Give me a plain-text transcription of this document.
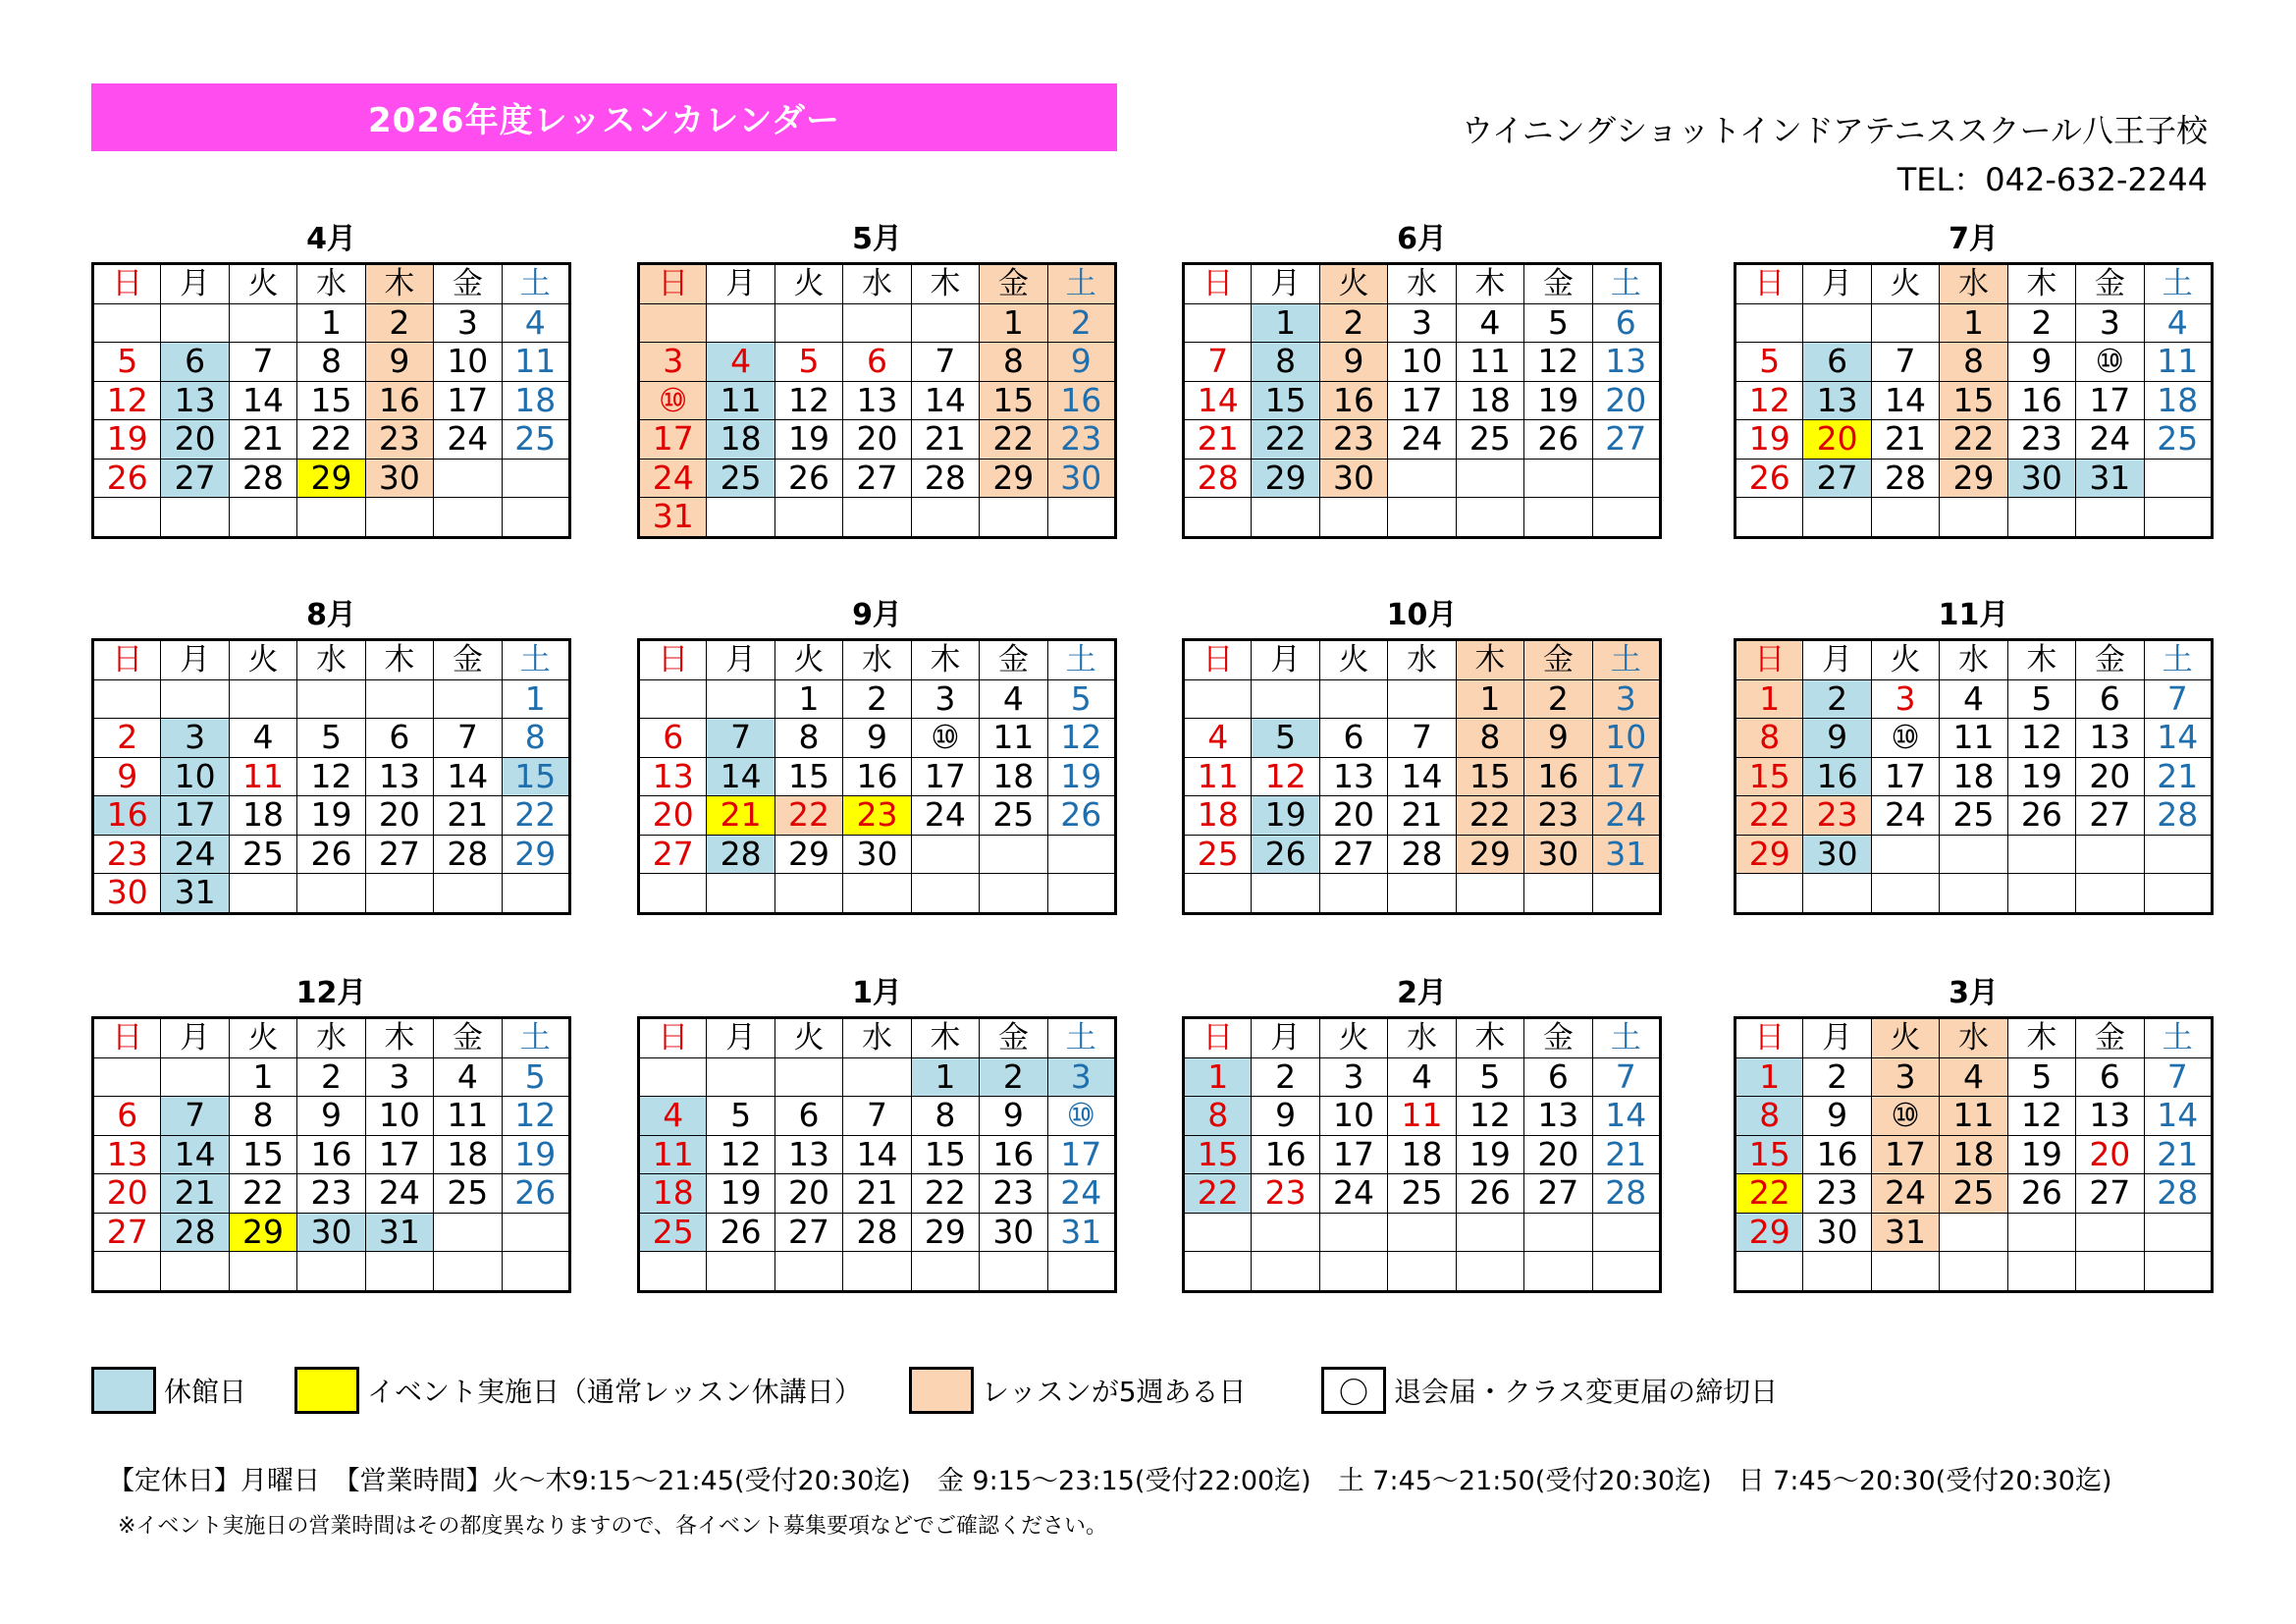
2026年度レッスンカレンダー	ウイニングショットインドアテニススクール八王子校
TEL：042-632-2244
4月
日	月	火	水	木	金	土
			1	2	3	4
5	6	7	8	9	10	11
12	13	14	15	16	17	18
19	20	21	22	23	24	25
26	27	28	29	30		

5月
日	月	火	水	木	金	土
					1	2
3	4	5	6	7	8	9
⑩	11	12	13	14	15	16
17	18	19	20	21	22	23
24	25	26	27	28	29	30
31						
6月
日	月	火	水	木	金	土
	1	2	3	4	5	6
7	8	9	10	11	12	13
14	15	16	17	18	19	20
21	22	23	24	25	26	27
28	29	30				

7月
日	月	火	水	木	金	土
			1	2	3	4
5	6	7	8	9	⑩	11
12	13	14	15	16	17	18
19	20	21	22	23	24	25
26	27	28	29	30	31	

8月
日	月	火	水	木	金	土
						1
2	3	4	5	6	7	8
9	10	11	12	13	14	15
16	17	18	19	20	21	22
23	24	25	26	27	28	29
30	31					
9月
日	月	火	水	木	金	土
		1	2	3	4	5
6	7	8	9	⑩	11	12
13	14	15	16	17	18	19
20	21	22	23	24	25	26
27	28	29	30			

10月
日	月	火	水	木	金	土
				1	2	3
4	5	6	7	8	9	10
11	12	13	14	15	16	17
18	19	20	21	22	23	24
25	26	27	28	29	30	31

11月
日	月	火	水	木	金	土
1	2	3	4	5	6	7
8	9	⑩	11	12	13	14
15	16	17	18	19	20	21
22	23	24	25	26	27	28
29	30					

12月
日	月	火	水	木	金	土
		1	2	3	4	5
6	7	8	9	10	11	12
13	14	15	16	17	18	19
20	21	22	23	24	25	26
27	28	29	30	31		

1月
日	月	火	水	木	金	土
				1	2	3
4	5	6	7	8	9	⑩
11	12	13	14	15	16	17
18	19	20	21	22	23	24
25	26	27	28	29	30	31

2月
日	月	火	水	木	金	土
1	2	3	4	5	6	7
8	9	10	11	12	13	14
15	16	17	18	19	20	21
22	23	24	25	26	27	28

3月
日	月	火	水	木	金	土
1	2	3	4	5	6	7
8	9	⑩	11	12	13	14
15	16	17	18	19	20	21
22	23	24	25	26	27	28
29	30	31				

休館日	イベント実施日（通常レッスン休講日）	レッスンが5週ある日	〇 退会届・クラス変更届の締切日
【定休日】月曜日　【営業時間】火～木9:15～21:45(受付20:30迄)　金 9:15～23:15(受付22:00迄)　土 7:45～21:50(受付20:30迄)　日 7:45～20:30(受付20:30迄)
※イベント実施日の営業時間はその都度異なりますので、各イベント募集要項などでご確認ください。
